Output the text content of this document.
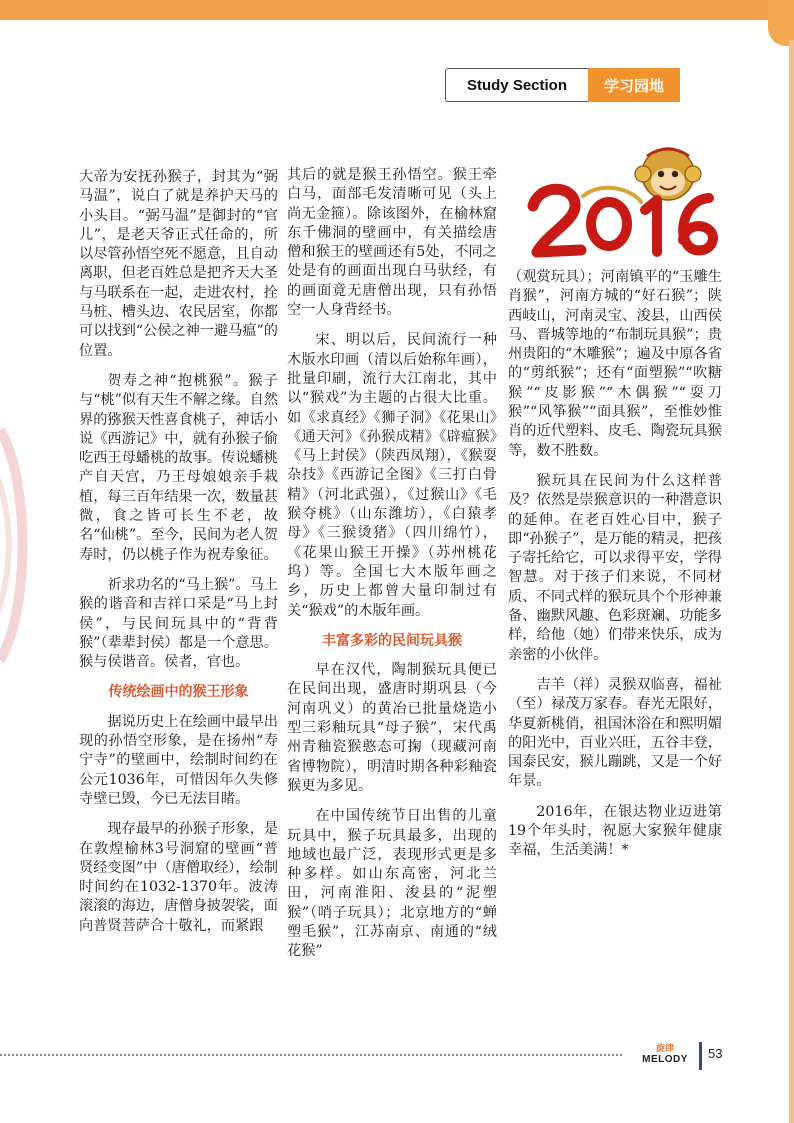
Study Section	学习园地

大帝为安抚孙猴子，封其为“弼马温”，说白了就是养护天马的小头目。“弼马温”是御封的“官儿”，是老天爷正式任命的，所以尽管孙悟空死不愿意，且自动离职，但老百姓总是把齐天大圣与马联系在一起，走进农村，拴马桩、槽头边、农民居室，你都可以找到“公侯之神一避马瘟”的位置。

贺寿之神“抱桃猴”。猴子与“桃”似有天生不解之缘。自然界的猕猴天性喜食桃子，神话小说《西游记》中，就有孙猴子偷吃西王母蟠桃的故事。传说蟠桃产自天宫，乃王母娘娘亲手栽植，每三百年结果一次，数量甚微，食之皆可长生不老，故名“仙桃”。至今，民间为老人贺寿时，仍以桃子作为祝寿象征。

祈求功名的“马上猴”。马上猴的谐音和吉祥口采是“马上封侯”，与民间玩具中的“背背猴”（辈辈封侯）都是一个意思。猴与侯谐音。侯者，官也。

传统绘画中的猴王形象

据说历史上在绘画中最早出现的孙悟空形象，是在扬州“寿宁寺”的壁画中，绘制时间约在公元1036年，可惜因年久失修寺壁已毁，今已无法目睹。

现存最早的孙猴子形象，是在敦煌榆林3号洞窟的壁画“普贤经变图”中（唐僧取经），绘制时间约在1032-1370年。波涛滚滚的海边，唐僧身披袈裟，面向普贤菩萨合十敬礼，而紧跟

其后的就是猴王孙悟空。猴王牵白马，面部毛发清晰可见（头上尚无金箍）。除该图外，在榆林窟东千佛洞的壁画中，有关描绘唐僧和猴王的壁画还有5处，不同之处是有的画面出现白马驮经，有的画面竟无唐僧出现，只有孙悟空一人身背经书。

宋、明以后，民间流行一种木版水印画（清以后始称年画），批量印刷，流行大江南北，其中以“猴戏”为主题的占很大比重。如《求真经》《狮子洞》《花果山》《通天河》《孙猴成精》《辟瘟猴》《马上封侯》（陕西凤翔），《猴耍杂技》《西游记全图》《三打白骨精》（河北武强），《过猴山》《毛猴夺桃》（山东潍坊），《白猿孝母》《三猴烫猪》（四川绵竹），《花果山猴王开操》（苏州桃花坞）等。全国七大木版年画之乡，历史上都曾大量印制过有关“猴戏”的木版年画。

丰富多彩的民间玩具猴

早在汉代，陶制猴玩具便已在民间出现，盛唐时期巩县（今河南巩义）的黄冶已批量烧造小型三彩釉玩具“母子猴”，宋代禹州青釉瓷猴憨态可掬（现藏河南省博物院），明清时期各种彩釉瓷猴更为多见。

在中国传统节日出售的儿童玩具中，猴子玩具最多，出现的地域也最广泛，表现形式更是多种多样。如山东高密，河北兰田，河南淮阳、浚县的“泥塑猴”（哨子玩具）；北京地方的“蝉塑毛猴”，江苏南京、南通的“绒花猴”

（观赏玩具）；河南镇平的“玉雕生肖猴”，河南方城的“好石猴”；陕西岐山，河南灵宝、浚县，山西侯马、晋城等地的“布制玩具猴”；贵州贵阳的“木雕猴”；遍及中原各省的“剪纸猴”；还有“面塑猴”“吹糖猴”“皮影猴”“木偶猴”“耍刀猴”“风筝猴”“面具猴”，至惟妙惟肖的近代塑料、皮毛、陶瓷玩具猴等，数不胜数。

猴玩具在民间为什么这样普及？依然是崇猴意识的一种潜意识的延伸。在老百姓心目中，猴子即“孙猴子”，是万能的精灵，把孩子寄托给它，可以求得平安，学得智慧。对于孩子们来说，不同材质、不同式样的猴玩具个个形神兼备、幽默风趣、色彩斑斓、功能多样，给他（她）们带来快乐，成为亲密的小伙伴。

吉羊（祥）灵猴双临喜，福祉（至）禄茂万家春。春光无限好，华夏新桃俏，祖国沐浴在和熙明媚的阳光中，百业兴旺，五谷丰登，国泰民安，猴儿蹦跳，又是一个好年景。

2016年，在银达物业迈进第19个年头时，祝愿大家猴年健康幸福，生活美满！*

旋律
MELODY	53
